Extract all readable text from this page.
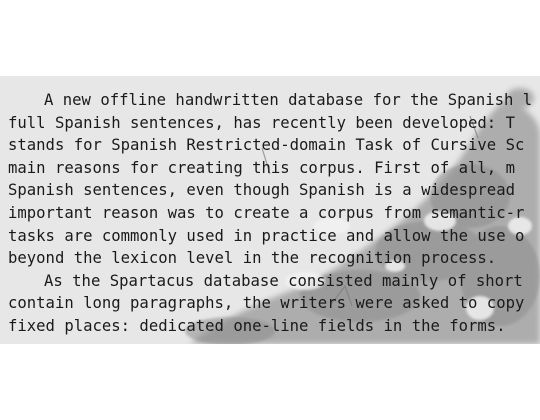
A new offline handwritten database for the Spanish l
full Spanish sentences, has recently been developed: T
stands for Spanish Restricted-domain Task of Cursive Sc
main reasons for creating this corpus. First of all, m
Spanish sentences, even though Spanish is a widespread
important reason was to create a corpus from semantic-r
tasks are commonly used in practice and allow the use o
beyond the lexicon level in the recognition process.
As the Spartacus database consisted mainly of short
contain long paragraphs, the writers were asked to copy
fixed places: dedicated one-line fields in the forms.
